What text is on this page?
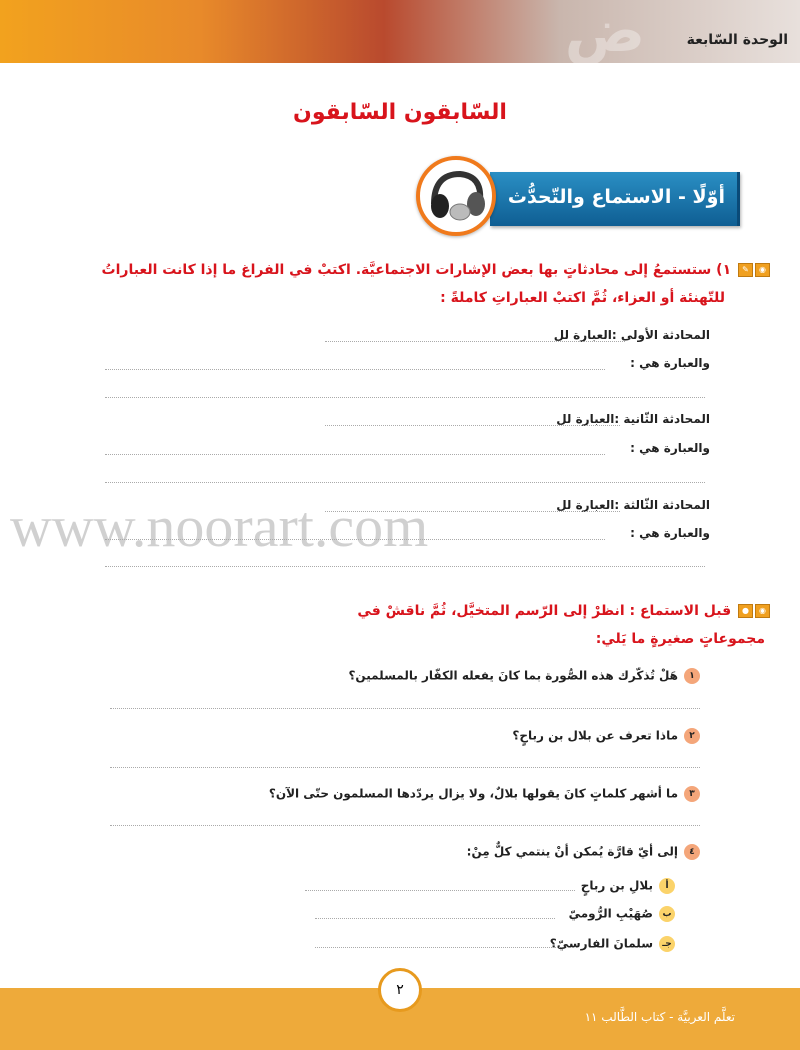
ض	الوحدة السّابعة
السّابقون السّابقون
أوّلًا - الاستماع والتّحدُّث
◉✎ ١) ستستمعُ إلى محادثاتٍ بها بعض الإشارات الاجتماعيَّة. اكتبْ في الفراغ ما إذا كانت العباراتُ
للتّهنئة أو العزاء، ثُمَّ اكتبْ العباراتِ كاملةً :
المحادثة الأولى :العبارة لل
والعبارة هي :
المحادثة الثّانية :العبارة لل
والعبارة هي :
المحادثة الثّالثة :العبارة لل
والعبارة هي :
www.noorart.com
◉● قبل الاستماع : انظرْ إلى الرّسم المتخيَّل، ثُمَّ ناقشْ في
مجموعاتٍ صغيرةٍ ما يَلي:
١هَلْ تُذكّرك هذه الصُّورة بما كانَ يفعله الكفّار بالمسلمين؟
٢ماذا تعرف عن بلال بن رباحٍ؟
٣ما أشهر كلماتٍ كانَ يقولها بلالٌ، ولا يزال يردّدها المسلمون حتّى الآن؟
٤إلى أيّ قارَّة يُمكن أنْ ينتمي كلٌّ مِنْ:
أبلالِ بن رباحٍ
بصُهَيْبِ الرُّوميّ
جـسلمانَ الفارسيّ؟
٢
تعلَّم العربيَّة - كتاب الطَّالب ١١
